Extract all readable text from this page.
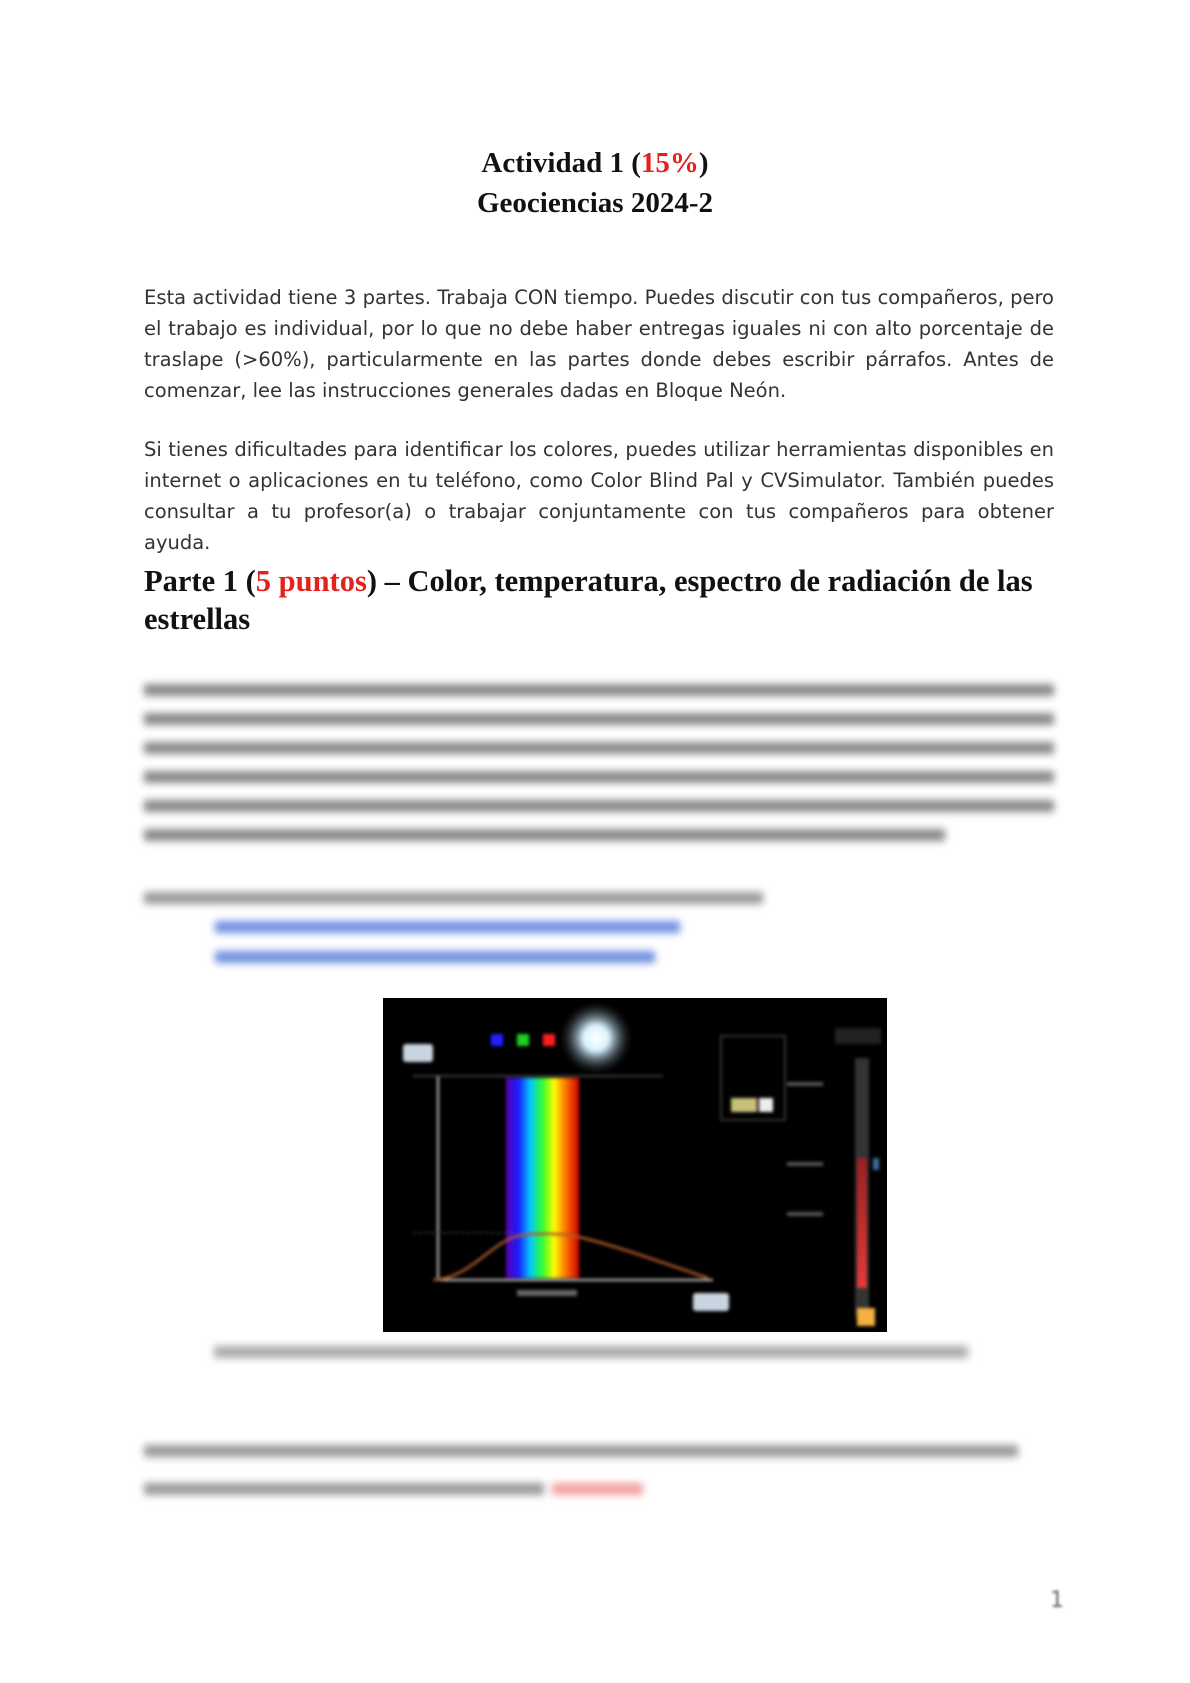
Actividad 1 (15%)
Geociencias 2024-2

Esta actividad tiene 3 partes. Trabaja CON tiempo. Puedes discutir con tus compañeros, pero el trabajo es individual, por lo que no debe haber entregas iguales ni con alto porcentaje de traslape (>60%), particularmente en las partes donde debes escribir párrafos. Antes de comenzar, lee las instrucciones generales dadas en Bloque Neón.

Si tienes dificultades para identificar los colores, puedes utilizar herramientas disponibles en internet o aplicaciones en tu teléfono, como Color Blind Pal y CVSimulator. También puedes consultar a tu profesor(a) o trabajar conjuntamente con tus compañeros para obtener ayuda.

Parte 1 (5 puntos) – Color, temperatura, espectro de radiación de las estrellas
1
